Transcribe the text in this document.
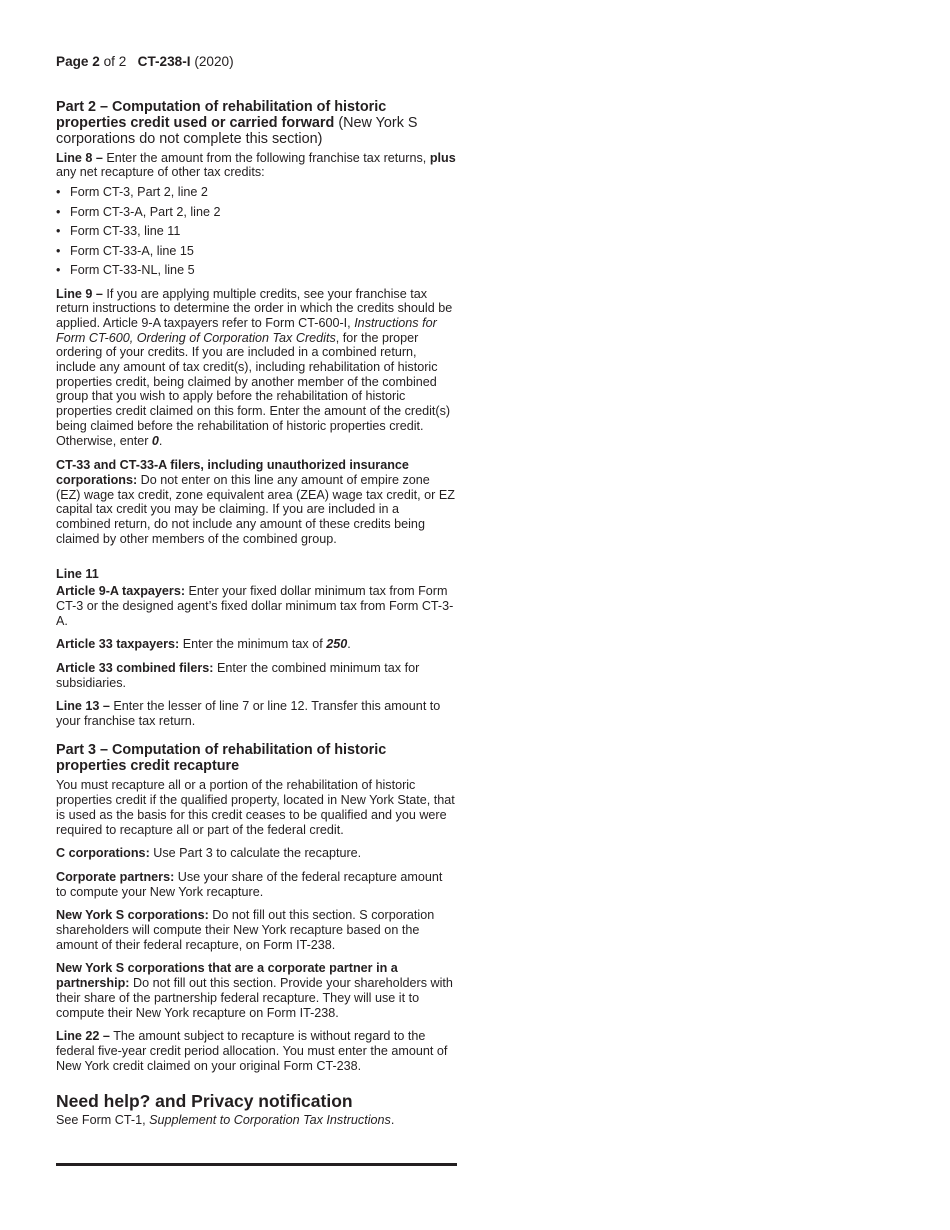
Page 2 of 2 CT-238-I (2020)
Part 2 – Computation of rehabilitation of historic properties credit used or carried forward (New York S corporations do not complete this section)

Line 8 – Enter the amount from the following franchise tax returns, plus any net recapture of other tax credits:

• Form CT-3, Part 2, line 2
• Form CT-3-A, Part 2, line 2
• Form CT-33, line 11
• Form CT-33-A, line 15
• Form CT-33-NL, line 5

Line 9 – If you are applying multiple credits, see your franchise tax return instructions to determine the order in which the credits should be applied. Article 9-A taxpayers refer to Form CT-600-I, Instructions for Form CT-600, Ordering of Corporation Tax Credits, for the proper ordering of your credits. If you are included in a combined return, include any amount of tax credit(s), including rehabilitation of historic properties credit, being claimed by another member of the combined group that you wish to apply before the rehabilitation of historic properties credit claimed on this form. Enter the amount of the credit(s) being claimed before the rehabilitation of historic properties credit. Otherwise, enter 0.

CT-33 and CT-33-A filers, including unauthorized insurance corporations: Do not enter on this line any amount of empire zone (EZ) wage tax credit, zone equivalent area (ZEA) wage tax credit, or EZ capital tax credit you may be claiming. If you are included in a combined return, do not include any amount of these credits being claimed by other members of the combined group.

Line 11

Article 9-A taxpayers: Enter your fixed dollar minimum tax from Form CT-3 or the designed agent’s fixed dollar minimum tax from Form CT-3-A.

Article 33 taxpayers: Enter the minimum tax of 250.

Article 33 combined filers: Enter the combined minimum tax for subsidiaries.

Line 13 – Enter the lesser of line 7 or line 12. Transfer this amount to your franchise tax return.

Part 3 – Computation of rehabilitation of historic properties credit recapture

You must recapture all or a portion of the rehabilitation of historic properties credit if the qualified property, located in New York State, that is used as the basis for this credit ceases to be qualified and you were required to recapture all or part of the federal credit.

C corporations: Use Part 3 to calculate the recapture.

Corporate partners: Use your share of the federal recapture amount to compute your New York recapture.

New York S corporations: Do not fill out this section. S corporation shareholders will compute their New York recapture based on the amount of their federal recapture, on Form IT-238.

New York S corporations that are a corporate partner in a partnership: Do not fill out this section. Provide your shareholders with their share of the partnership federal recapture. They will use it to compute their New York recapture on Form IT-238.

Line 22 – The amount subject to recapture is without regard to the federal five-year credit period allocation. You must enter the amount of New York credit claimed on your original Form CT-238.

Need help? and Privacy notification

See Form CT-1, Supplement to Corporation Tax Instructions.
